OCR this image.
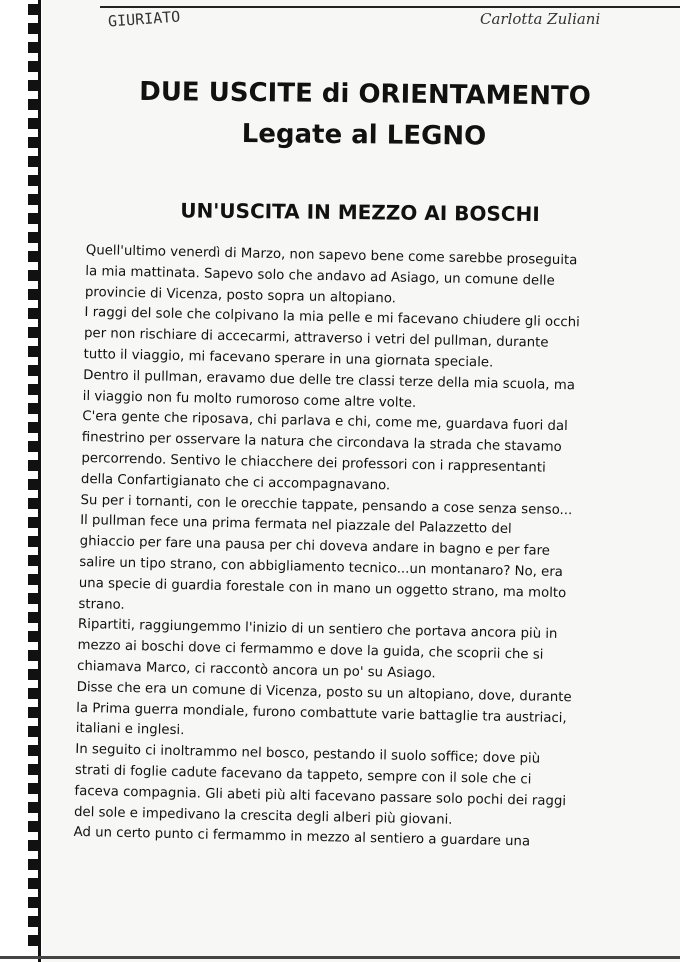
GIURIATO	Carlotta Zuliani
DUE USCITE di ORIENTAMENTO
Legate al LEGNO
UN'USCITA IN MEZZO AI BOSCHI
Quell'ultimo venerdì di Marzo, non sapevo bene come sarebbe proseguita
la mia mattinata. Sapevo solo che andavo ad Asiago, un comune delle
provincie di Vicenza, posto sopra un altopiano.
I raggi del sole che colpivano la mia pelle e mi facevano chiudere gli occhi
per non rischiare di accecarmi, attraverso i vetri del pullman, durante
tutto il viaggio, mi facevano sperare in una giornata speciale.
Dentro il pullman, eravamo due delle tre classi terze della mia scuola, ma
il viaggio non fu molto rumoroso come altre volte.
C'era gente che riposava, chi parlava e chi, come me, guardava fuori dal
finestrino per osservare la natura che circondava la strada che stavamo
percorrendo. Sentivo le chiacchere dei professori con i rappresentanti
della Confartigianato che ci accompagnavano.
Su per i tornanti, con le orecchie tappate, pensando a cose senza senso...
Il pullman fece una prima fermata nel piazzale del Palazzetto del
ghiaccio per fare una pausa per chi doveva andare in bagno e per fare
salire un tipo strano, con abbigliamento tecnico...un montanaro? No, era
una specie di guardia forestale con in mano un oggetto strano, ma molto
strano.
Ripartiti, raggiungemmo l'inizio di un sentiero che portava ancora più in
mezzo ai boschi dove ci fermammo e dove la guida, che scoprii che si
chiamava Marco, ci raccontò ancora un po' su Asiago.
Disse che era un comune di Vicenza, posto su un altopiano, dove, durante
la Prima guerra mondiale, furono combattute varie battaglie tra austriaci,
italiani e inglesi.
In seguito ci inoltrammo nel bosco, pestando il suolo soffice; dove più
strati di foglie cadute facevano da tappeto, sempre con il sole che ci
faceva compagnia. Gli abeti più alti facevano passare solo pochi dei raggi
del sole e impedivano la crescita degli alberi più giovani.
Ad un certo punto ci fermammo in mezzo al sentiero a guardare una
